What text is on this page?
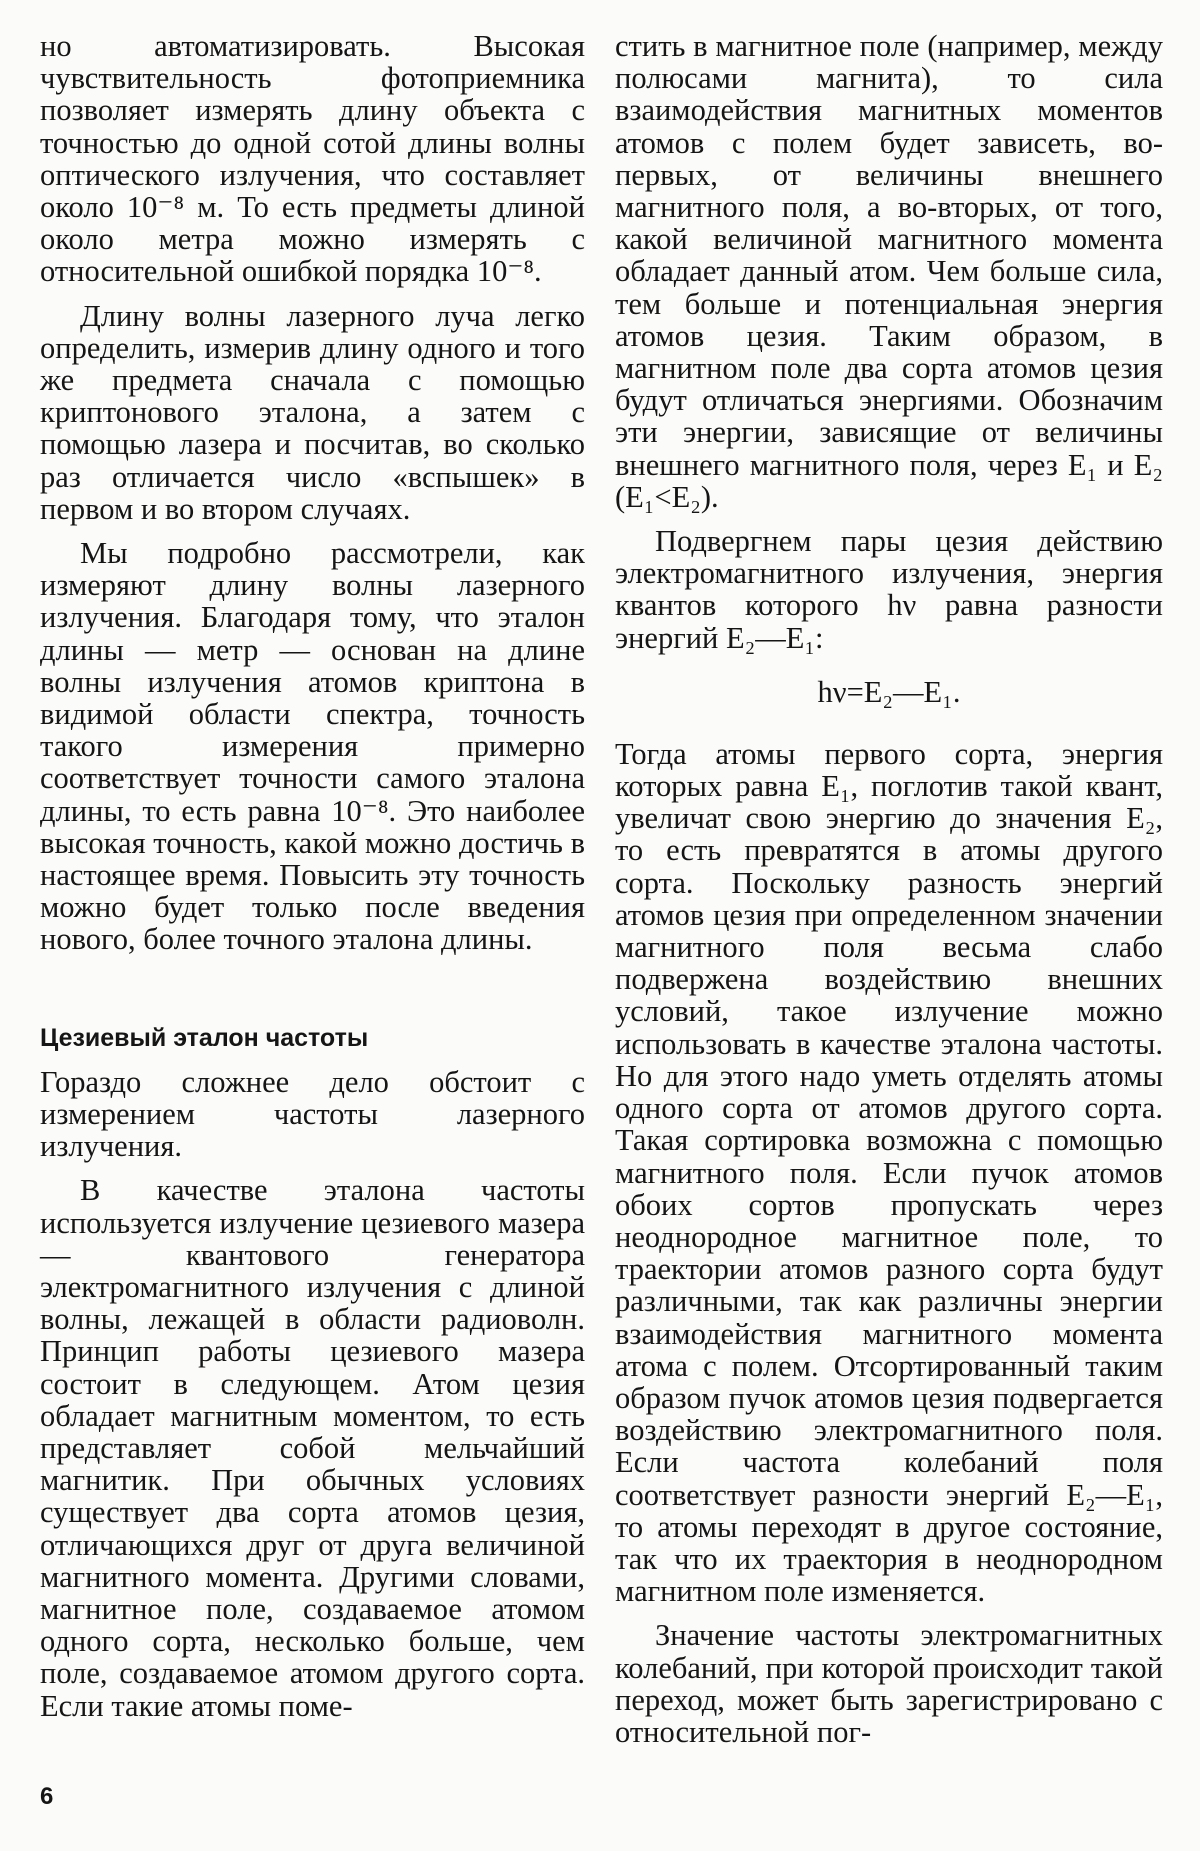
но автоматизировать. Высокая чувствительность фотоприемника позволяет измерять длину объекта с точностью до одной сотой длины волны оптического излучения, что составляет около 10⁻⁸ м. То есть предметы длиной около метра можно измерять с относительной ошибкой порядка 10⁻⁸.

Длину волны лазерного луча легко определить, измерив длину одного и того же предмета сначала с помощью криптонового эталона, а затем с помощью лазера и посчитав, во сколько раз отличается число «вспышек» в первом и во втором случаях.

Мы подробно рассмотрели, как измеряют длину волны лазерного излучения. Благодаря тому, что эталон длины — метр — основан на длине волны излучения атомов криптона в видимой области спектра, точность такого измерения примерно соответствует точности самого эталона длины, то есть равна 10⁻⁸. Это наиболее высокая точность, какой можно достичь в настоящее время. Повысить эту точность можно будет только после введения нового, более точного эталона длины.

Цезиевый эталон частоты

Гораздо сложнее дело обстоит с измерением частоты лазерного излучения.

В качестве эталона частоты используется излучение цезиевого мазера — квантового генератора электромагнитного излучения с длиной волны, лежащей в области радиоволн. Принцип работы цезиевого мазера состоит в следующем. Атом цезия обладает магнитным моментом, то есть представляет собой мельчайший магнитик. При обычных условиях существует два сорта атомов цезия, отличающихся друг от друга величиной магнитного момента. Другими словами, магнитное поле, создаваемое атомом одного сорта, несколько больше, чем поле, создаваемое атомом другого сорта. Если такие атомы поме-

стить в магнитное поле (например, между полюсами магнита), то сила взаимодействия магнитных моментов атомов с полем будет зависеть, во-первых, от величины внешнего магнитного поля, а во-вторых, от того, какой величиной магнитного момента обладает данный атом. Чем больше сила, тем больше и потенциальная энергия атомов цезия. Таким образом, в магнитном поле два сорта атомов цезия будут отличаться энергиями. Обозначим эти энергии, зависящие от величины внешнего магнитного поля, через E₁ и E₂ (E₁<E₂).

Подвергнем пары цезия действию электромагнитного излучения, энергия квантов которого hν равна разности энергий E₂—E₁:

hν=E₂—E₁.

Тогда атомы первого сорта, энергия которых равна E₁, поглотив такой квант, увеличат свою энергию до значения E₂, то есть превратятся в атомы другого сорта. Поскольку разность энергий атомов цезия при определенном значении магнитного поля весьма слабо подвержена воздействию внешних условий, такое излучение можно использовать в качестве эталона частоты. Но для этого надо уметь отделять атомы одного сорта от атомов другого сорта. Такая сортировка возможна с помощью магнитного поля. Если пучок атомов обоих сортов пропускать через неоднородное магнитное поле, то траектории атомов разного сорта будут различными, так как различны энергии взаимодействия магнитного момента атома с полем. Отсортированный таким образом пучок атомов цезия подвергается воздействию электромагнитного поля. Если частота колебаний поля соответствует разности энергий E₂—E₁, то атомы переходят в другое состояние, так что их траектория в неоднородном магнитном поле изменяется.

Значение частоты электромагнитных колебаний, при которой происходит такой переход, может быть зарегистрировано с относительной пог-

6
